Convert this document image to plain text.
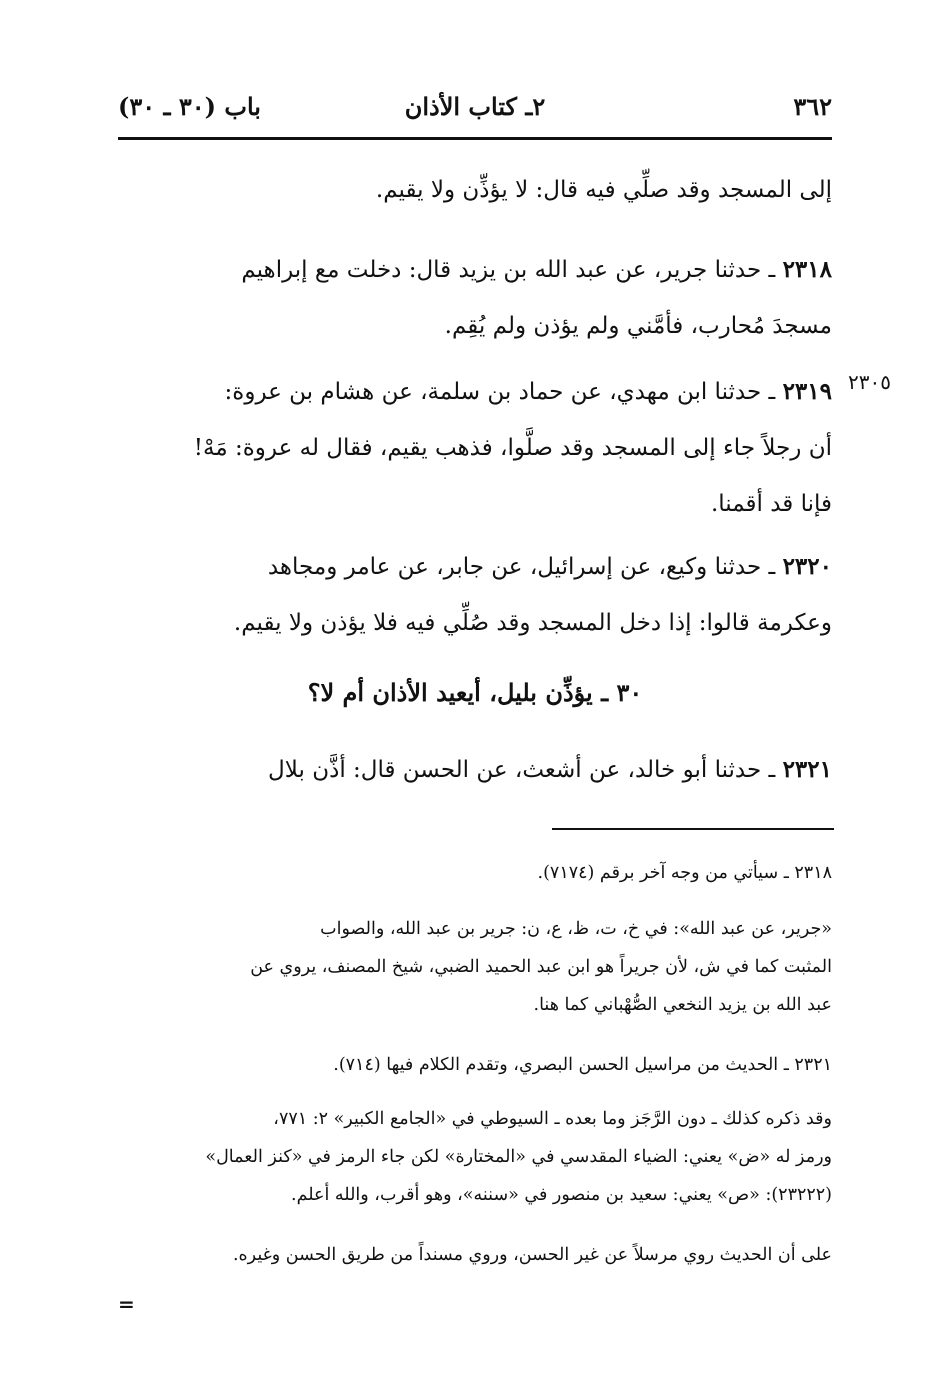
٣٦٢
٢ـ كتاب الأذان
باب (٣٠ ـ ٣٠)
إلى المسجد وقد صلِّي فيه قال: لا يؤذِّن ولا يقيم.
٢٣١٨ ـ حدثنا جرير، عن عبد الله بن يزيد قال: دخلت مع إبراهيم
مسجدَ مُحارب، فأمَّني ولم يؤذن ولم يُقِم.
٢٣٠٥
٢٣١٩ ـ حدثنا ابن مهدي، عن حماد بن سلمة، عن هشام بن عروة:
أن رجلاً جاء إلى المسجد وقد صلَّوا، فذهب يقيم، فقال له عروة: مَهْ!
فإنا قد أقمنا.
٢٣٢٠ ـ حدثنا وكيع، عن إسرائيل، عن جابر، عن عامر ومجاهد
وعكرمة قالوا: إذا دخل المسجد وقد صُلِّي فيه فلا يؤذن ولا يقيم.
٣٠ ـ يؤذِّن بليل، أيعيد الأذان أم لا؟
٢٣٢١ ـ حدثنا أبو خالد، عن أشعث، عن الحسن قال: أذَّن بلال
٢٣١٨ ـ سيأتي من وجه آخر برقم (٧١٧٤).
«جرير، عن عبد الله»: في خ، ت، ظ، ع، ن: جرير بن عبد الله، والصواب
المثبت كما في ش، لأن جريراً هو ابن عبد الحميد الضبي، شيخ المصنف، يروي عن
عبد الله بن يزيد النخعي الصُّهْباني كما هنا.
٢٣٢١ ـ الحديث من مراسيل الحسن البصري، وتقدم الكلام فيها (٧١٤).
وقد ذكره كذلك ـ دون الرَّجَز وما بعده ـ السيوطي في «الجامع الكبير» ٢: ٧٧١،
ورمز له «ض» يعني: الضياء المقدسي في «المختارة» لكن جاء الرمز في «كنز العمال»
(٢٣٢٢٢): «ص» يعني: سعيد بن منصور في «سننه»، وهو أقرب، والله أعلم.
على أن الحديث روي مرسلاً عن غير الحسن، وروي مسنداً من طريق الحسن وغيره.
=
